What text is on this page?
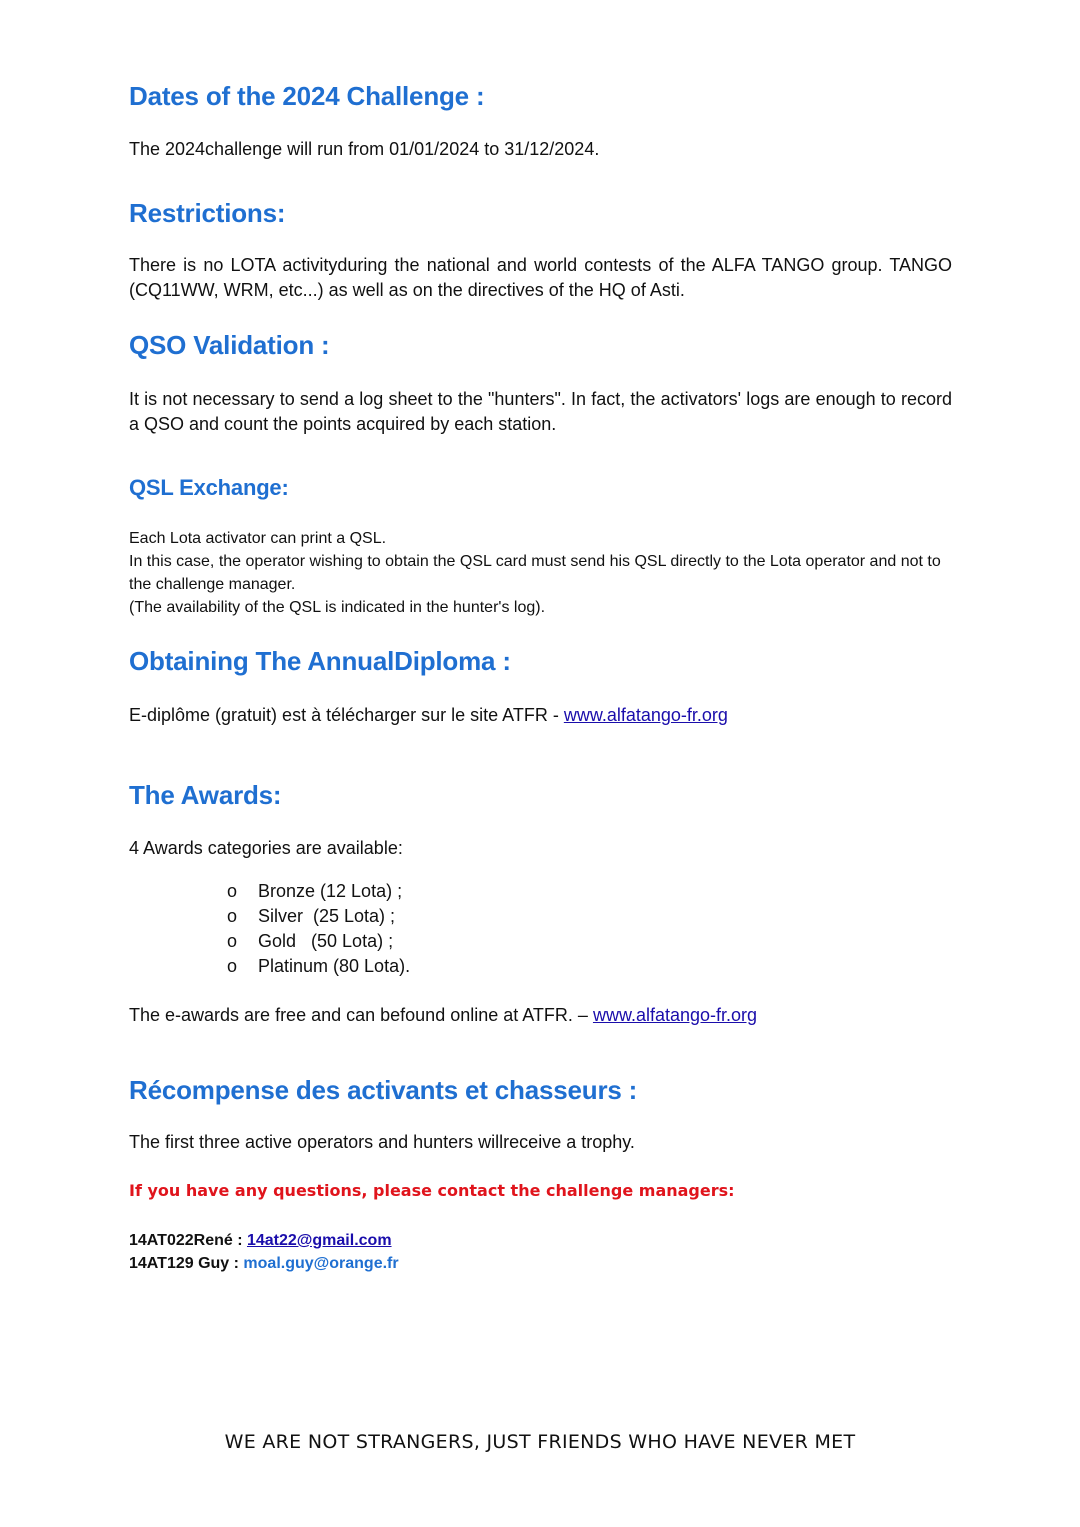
Dates of the 2024 Challenge :

The 2024challenge will run from 01/01/2024 to 31/12/2024.

Restrictions:

There is no LOTA activityduring the national and world contests of the ALFA TANGO group. TANGO (CQ11WW, WRM, etc...) as well as on the directives of the HQ of Asti.

QSO Validation :

It is not necessary to send a log sheet to the "hunters". In fact, the activators' logs are enough to record a QSO and count the points acquired by each station.

QSL Exchange:

Each Lota activator can print a QSL.

In this case, the operator wishing to obtain the QSL card must send his QSL directly to the Lota operator and not to the challenge manager.

(The availability of the QSL is indicated in the hunter's log).

Obtaining The AnnualDiploma :

E-diplôme (gratuit) est à télécharger sur le site ATFR - www.alfatango-fr.org

The Awards:

4 Awards categories are available:

o Bronze (12 Lota) ;
o Silver  (25 Lota) ;
o Gold   (50 Lota) ;
o Platinum (80 Lota).

The e-awards are free and can befound online at ATFR. – www.alfatango-fr.org

Récompense des activants et chasseurs :

The first three active operators and hunters willreceive a trophy.

If you have any questions, please contact the challenge managers:
14AT022René : 14at22@gmail.com
14AT129 Guy : moal.guy@orange.fr
WE ARE NOT STRANGERS, JUST FRIENDS WHO HAVE NEVER MET
